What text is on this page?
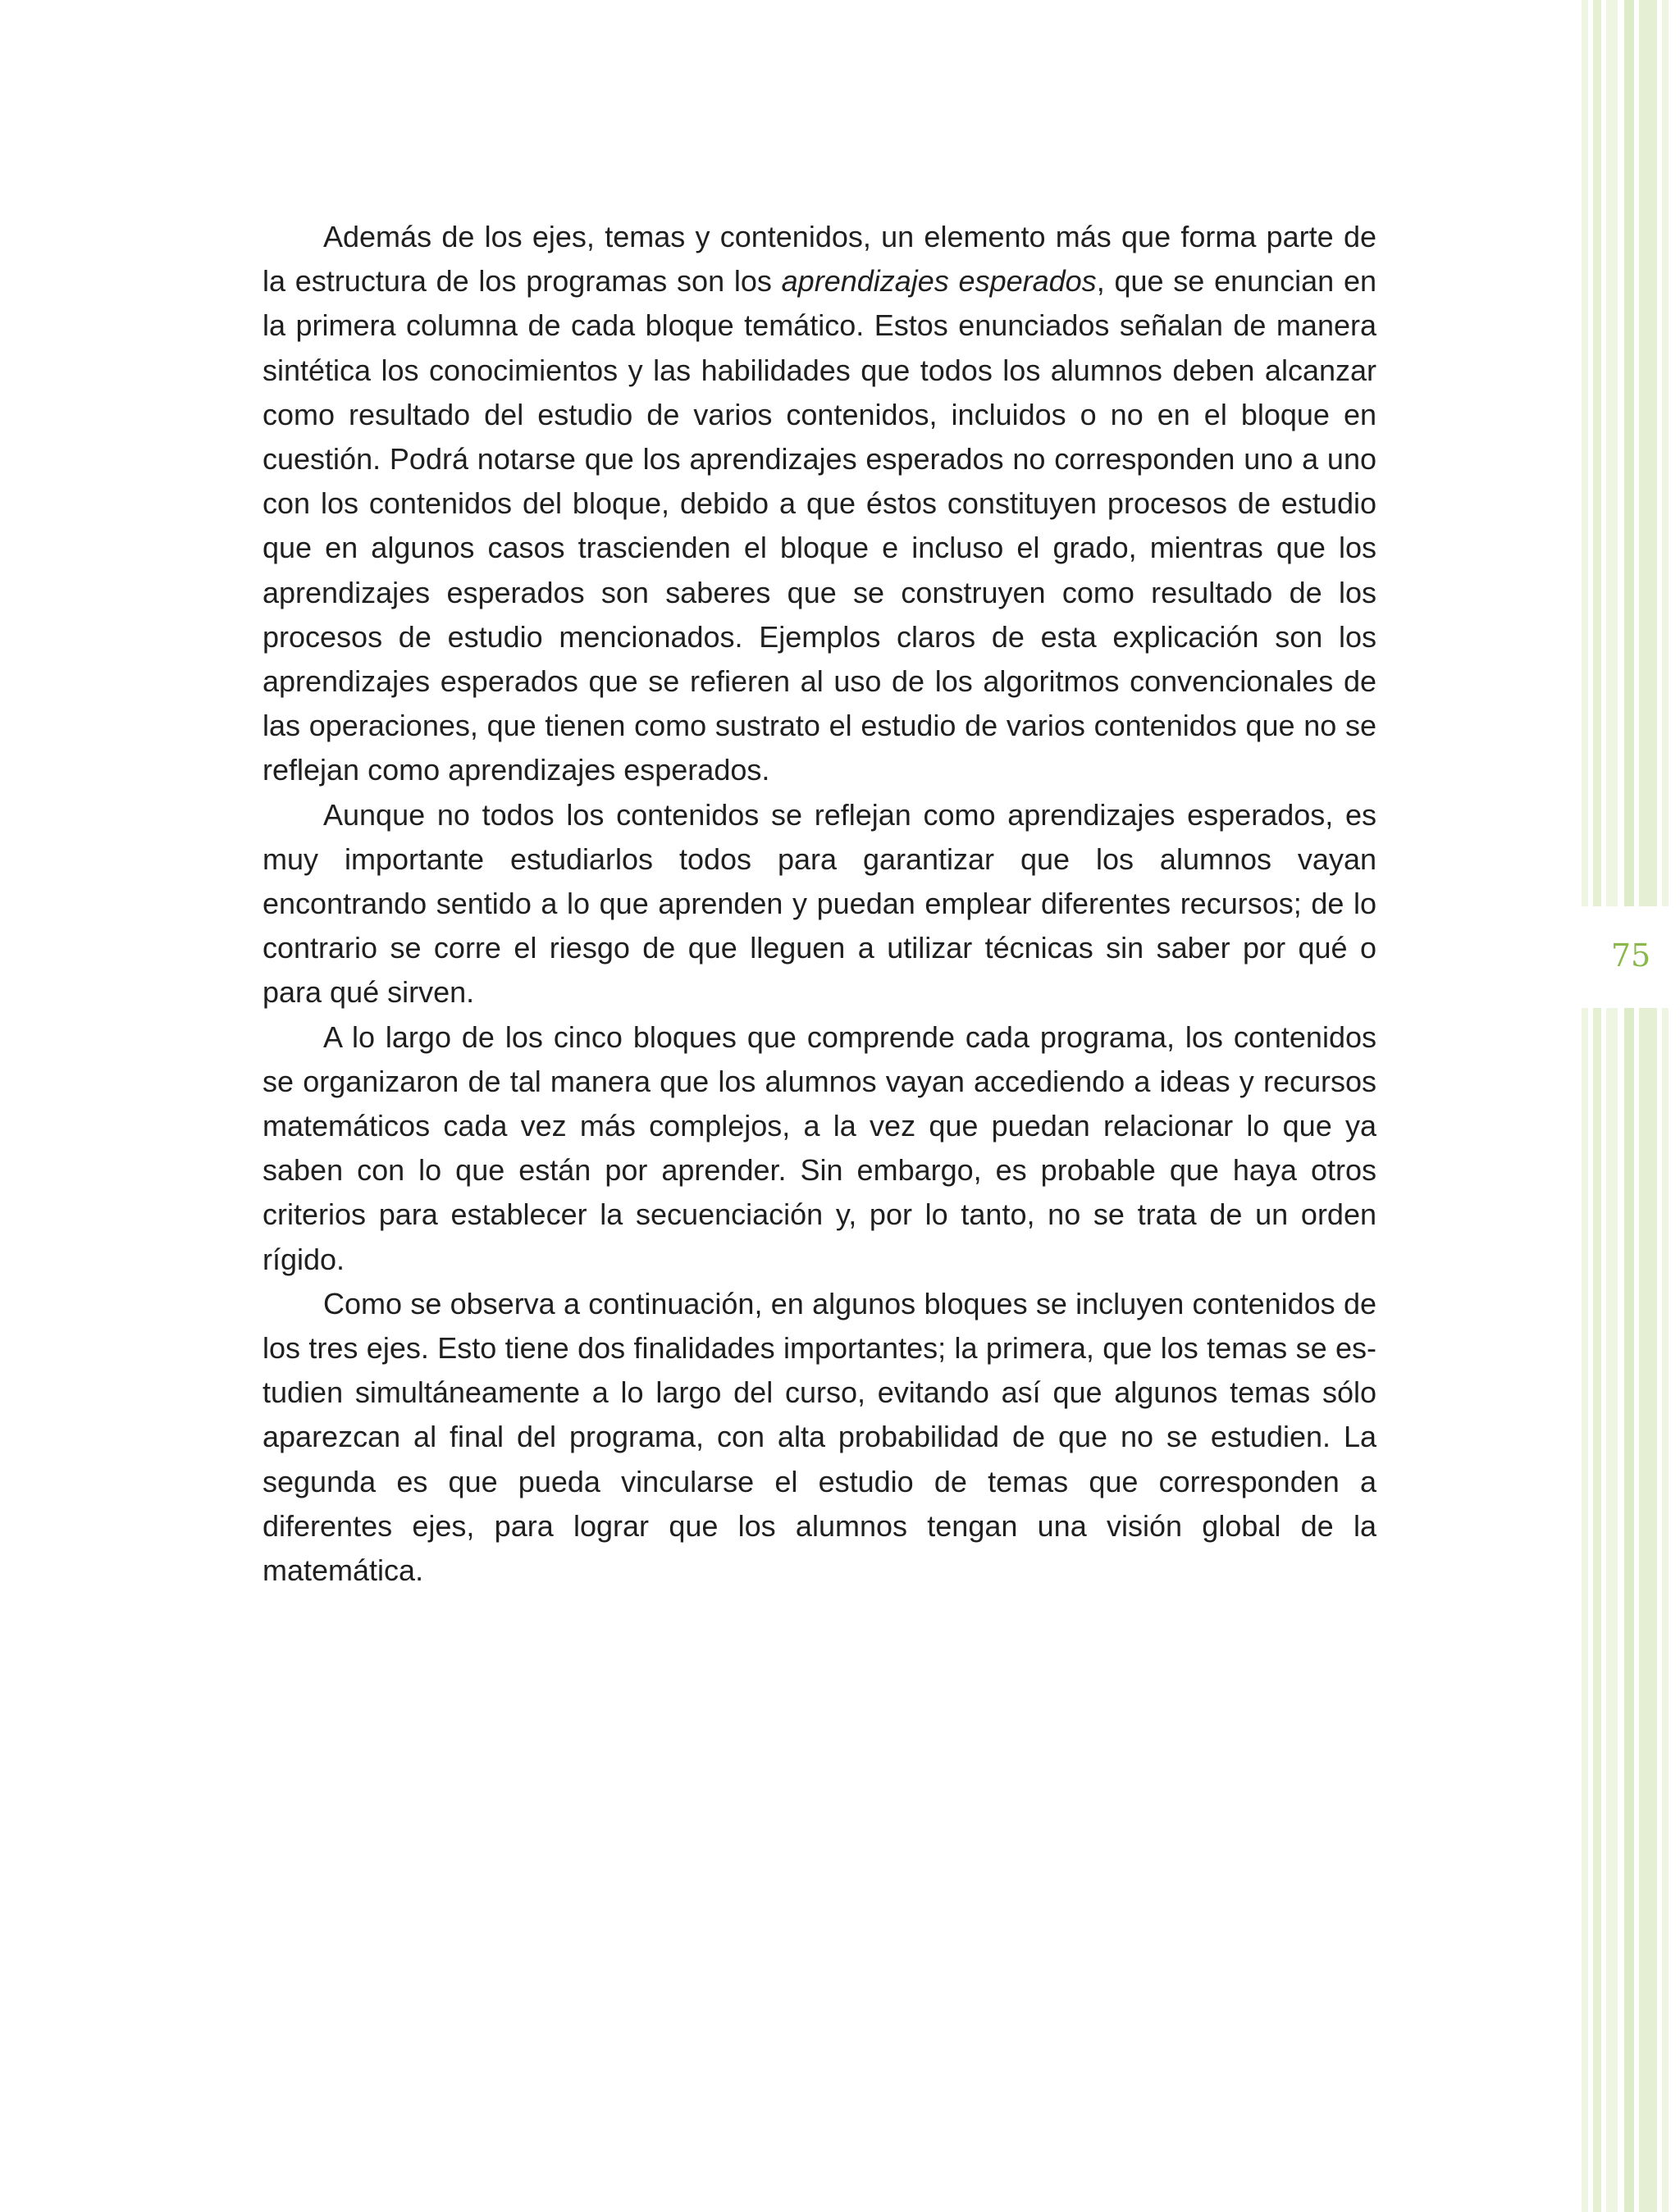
Además de los ejes, temas y contenidos, un elemento más que forma parte de la estructura de los programas son los aprendizajes esperados, que se enuncian en la primera columna de cada bloque temático. Estos enunciados señalan de manera sintética los conocimientos y las habilidades que todos los alumnos deben alcanzar como resultado del estudio de varios contenidos, incluidos o no en el bloque en cuestión. Podrá notarse que los aprendizajes esperados no corresponden uno a uno con los contenidos del bloque, debido a que éstos constituyen procesos de estudio que en algunos casos trascienden el bloque e incluso el grado, mientras que los aprendizajes esperados son saberes que se construyen como resultado de los procesos de estudio mencionados. Ejemplos claros de esta explicación son los aprendizajes esperados que se refieren al uso de los algoritmos convencionales de las operaciones, que tienen como sustrato el estudio de varios contenidos que no se reflejan como aprendizajes esperados.

Aunque no todos los contenidos se reflejan como aprendizajes esperados, es muy importante estudiarlos todos para garantizar que los alumnos vayan encontrando sentido a lo que aprenden y puedan emplear diferentes recursos; de lo contrario se corre el riesgo de que lleguen a utilizar técnicas sin saber por qué o para qué sirven.

A lo largo de los cinco bloques que comprende cada programa, los contenidos se organizaron de tal manera que los alumnos vayan accediendo a ideas y recursos matemáticos cada vez más complejos, a la vez que puedan relacionar lo que ya saben con lo que están por aprender. Sin embargo, es probable que haya otros criterios para establecer la secuenciación y, por lo tanto, no se trata de un orden rígido.

Como se observa a continuación, en algunos bloques se incluyen contenidos de los tres ejes. Esto tiene dos finalidades importantes; la primera, que los temas se estudien simultáneamente a lo largo del curso, evitando así que algunos temas sólo aparezcan al final del programa, con alta probabilidad de que no se estudien. La segunda es que pueda vincularse el estudio de temas que corresponden a diferentes ejes, para lograr que los alumnos tengan una visión global de la matemática.

75
